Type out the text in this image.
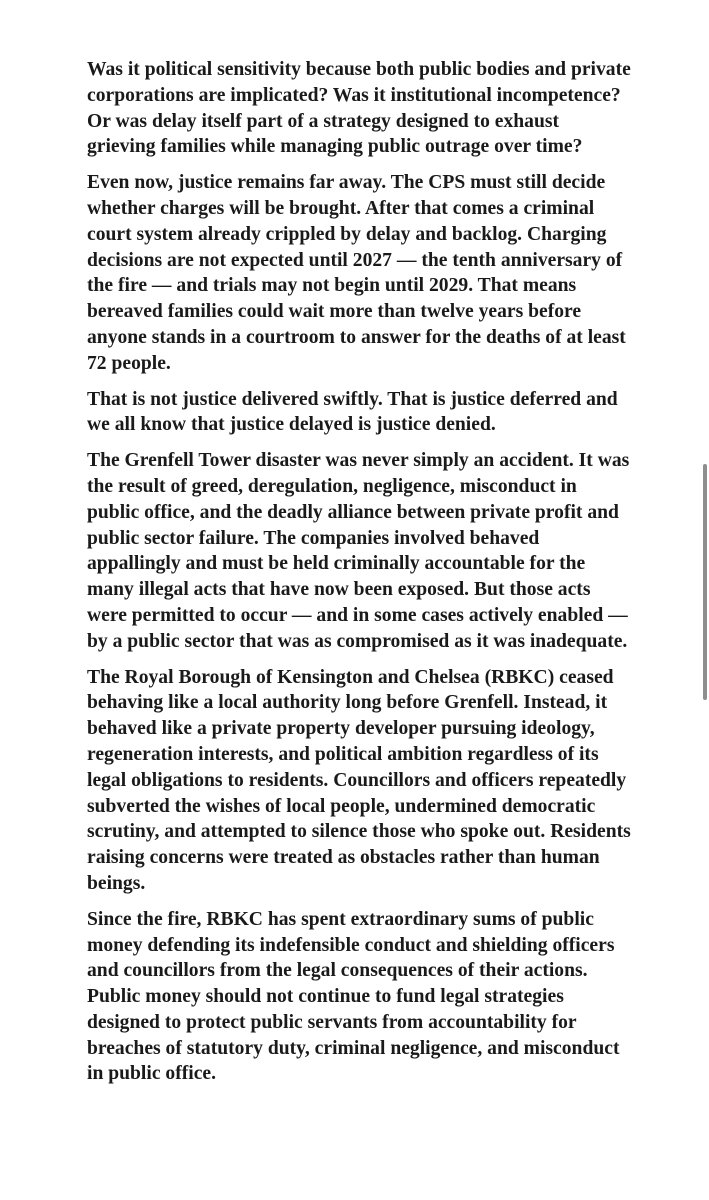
Was it political sensitivity because both public bodies and private corporations are implicated? Was it institutional incompetence? Or was delay itself part of a strategy designed to exhaust grieving families while managing public outrage over time?

Even now, justice remains far away. The CPS must still decide whether charges will be brought. After that comes a criminal court system already crippled by delay and backlog. Charging decisions are not expected until 2027 — the tenth anniversary of the fire — and trials may not begin until 2029. That means bereaved families could wait more than twelve years before anyone stands in a courtroom to answer for the deaths of at least 72 people.

That is not justice delivered swiftly. That is justice deferred and we all know that justice delayed is justice denied.

The Grenfell Tower disaster was never simply an accident. It was the result of greed, deregulation, negligence, misconduct in public office, and the deadly alliance between private profit and public sector failure. The companies involved behaved appallingly and must be held criminally accountable for the many illegal acts that have now been exposed. But those acts were permitted to occur — and in some cases actively enabled — by a public sector that was as compromised as it was inadequate.

The Royal Borough of Kensington and Chelsea (RBKC) ceased behaving like a local authority long before Grenfell. Instead, it behaved like a private property developer pursuing ideology, regeneration interests, and political ambition regardless of its legal obligations to residents. Councillors and officers repeatedly subverted the wishes of local people, undermined democratic scrutiny, and attempted to silence those who spoke out. Residents raising concerns were treated as obstacles rather than human beings.

Since the fire, RBKC has spent extraordinary sums of public money defending its indefensible conduct and shielding officers and councillors from the legal consequences of their actions. Public money should not continue to fund legal strategies designed to protect public servants from accountability for breaches of statutory duty, criminal negligence, and misconduct in public office.
